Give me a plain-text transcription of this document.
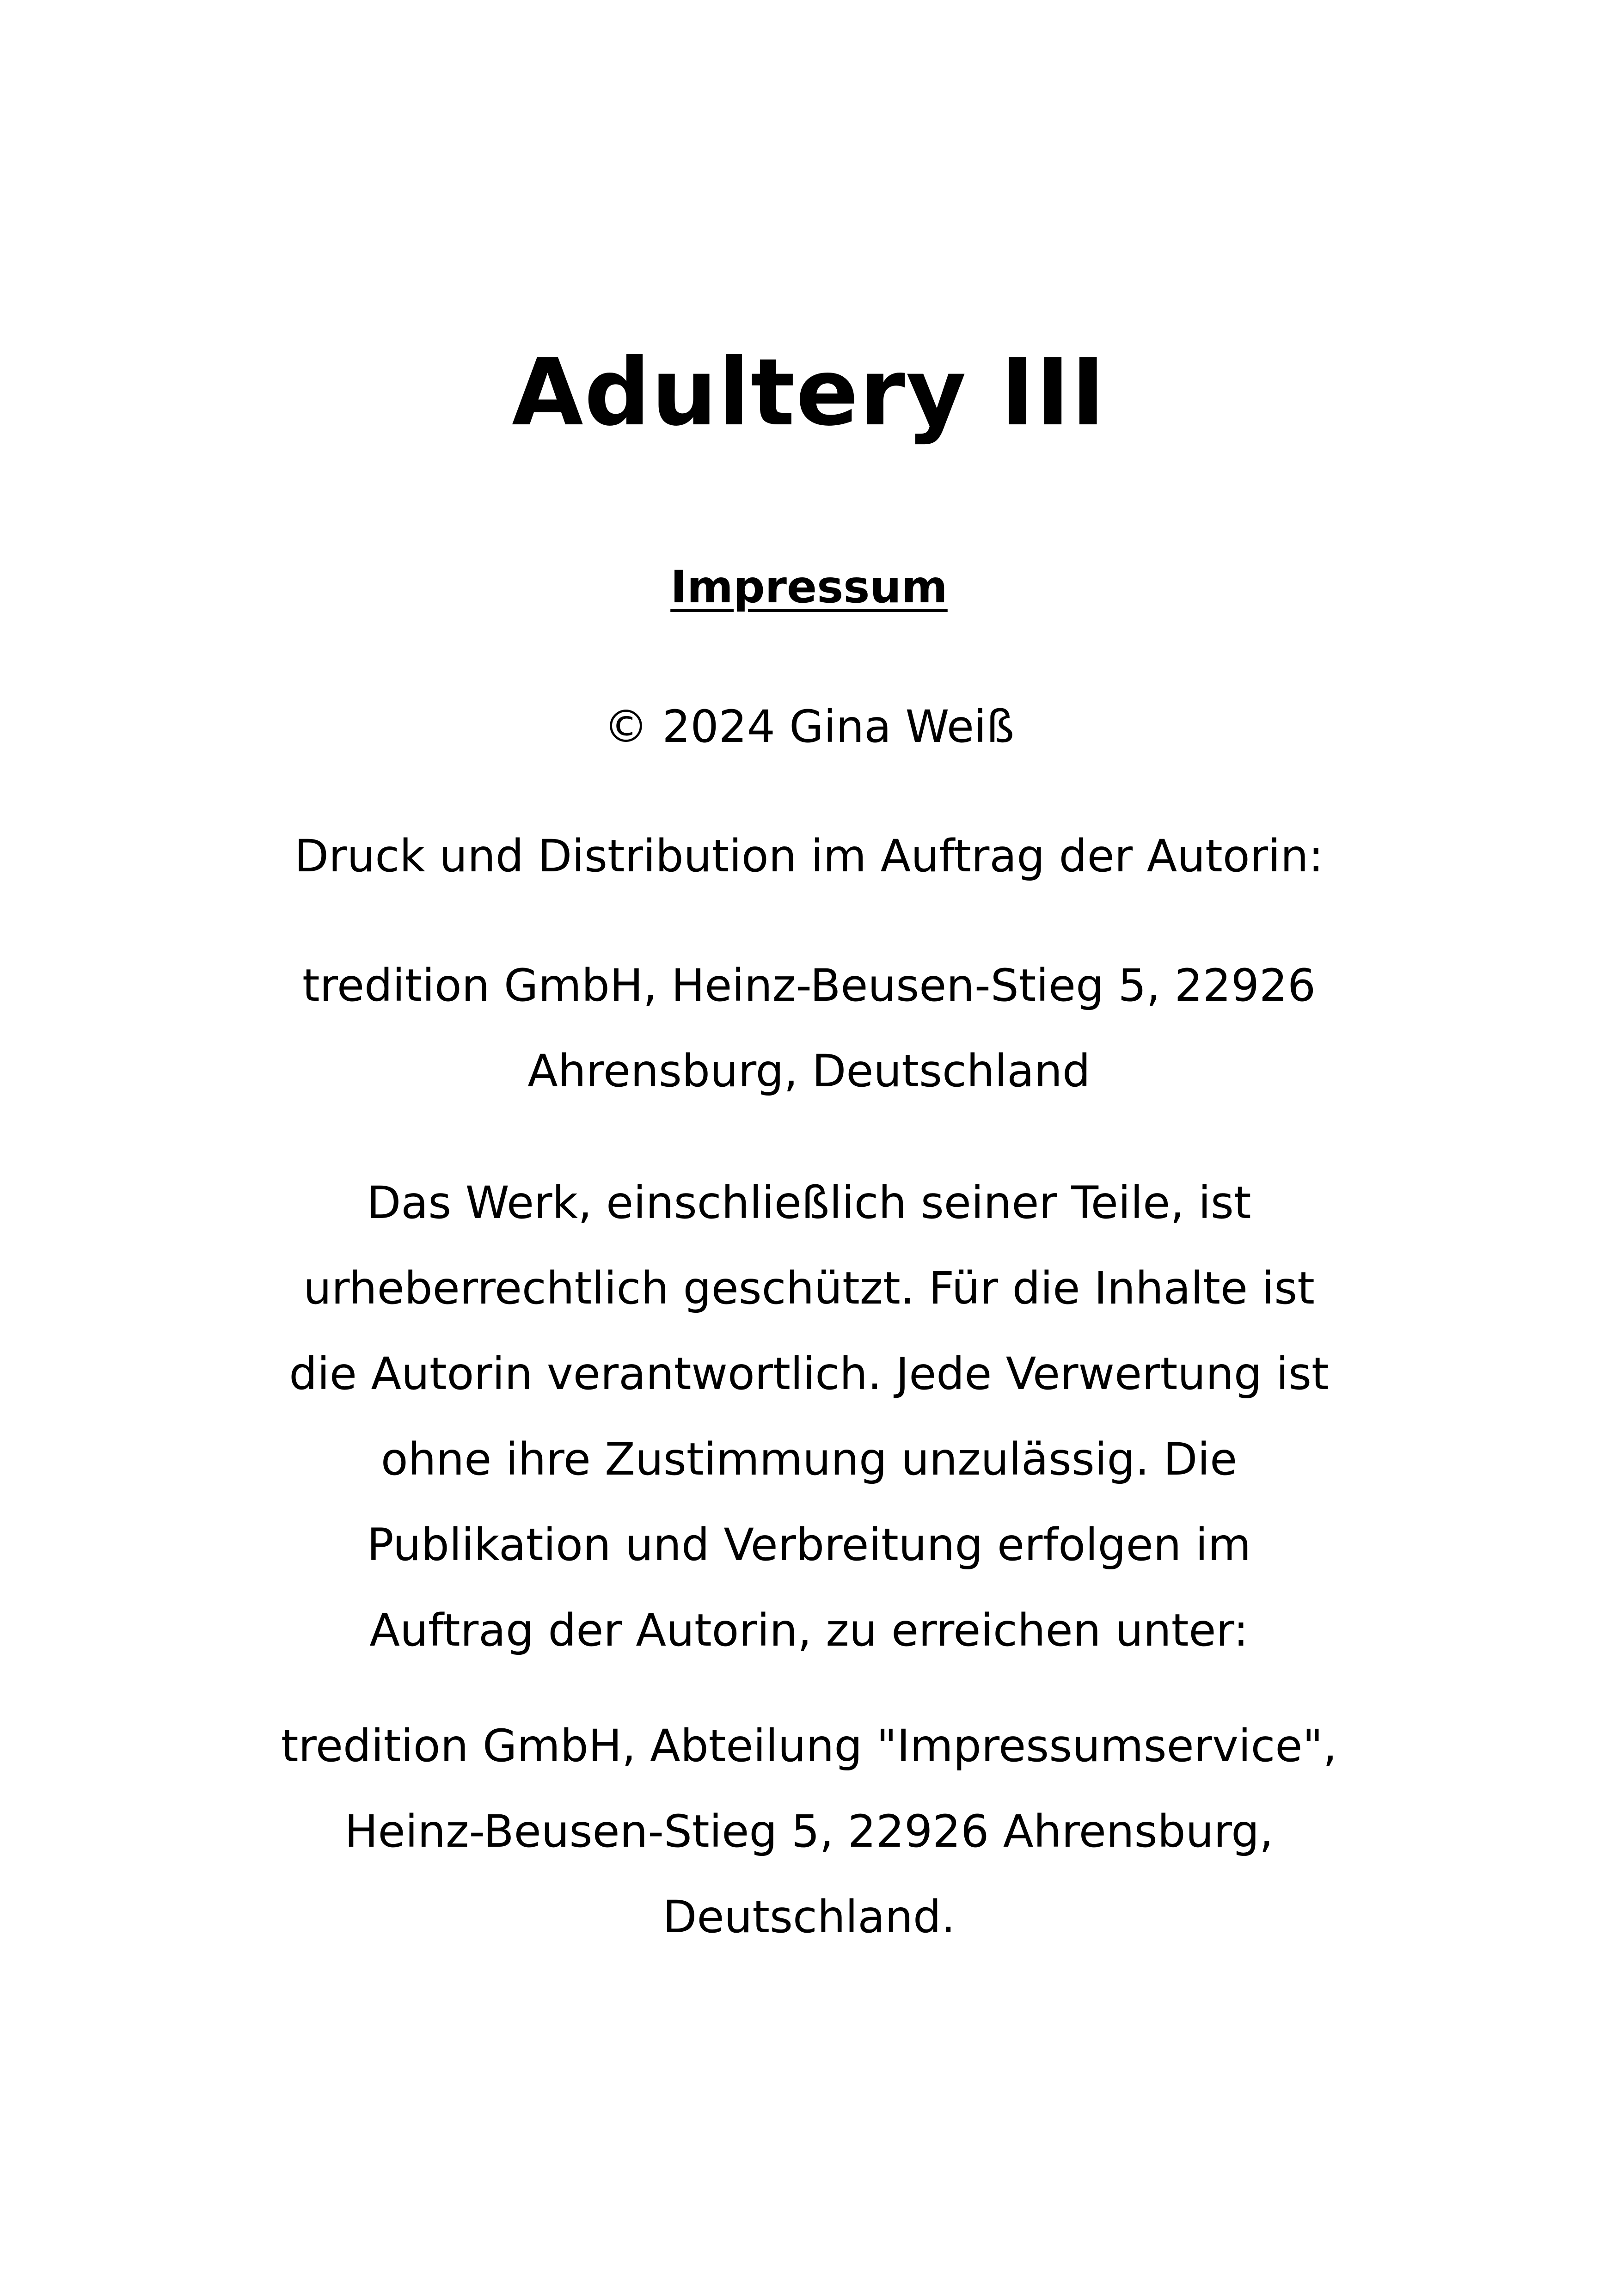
Adultery III
Impressum
© 2024 Gina Weiß
Druck und Distribution im Auftrag der Autorin:
tredition GmbH, Heinz-Beusen-Stieg 5, 22926
Ahrensburg, Deutschland
Das Werk, einschließlich seiner Teile, ist
urheberrechtlich geschützt. Für die Inhalte ist
die Autorin verantwortlich. Jede Verwertung ist
ohne ihre Zustimmung unzulässig. Die
Publikation und Verbreitung erfolgen im
Auftrag der Autorin, zu erreichen unter:
tredition GmbH, Abteilung "Impressumservice",
Heinz-Beusen-Stieg 5, 22926 Ahrensburg,
Deutschland.
